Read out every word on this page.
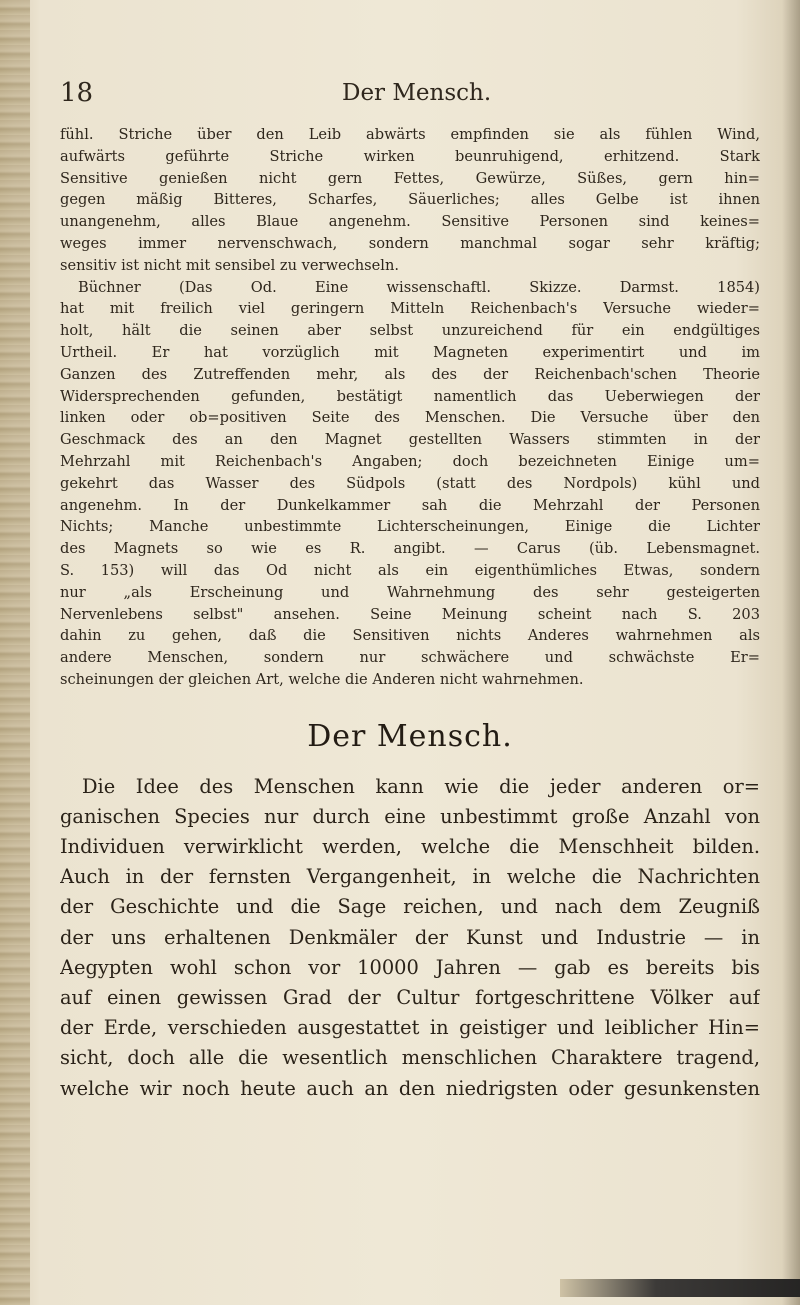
18	Der Mensch.
fühl. Striche über den Leib abwärts empfinden sie als fühlen Wind,
aufwärts geführte Striche wirken beunruhigend, erhitzend. Stark
Sensitive genießen nicht gern Fettes, Gewürze, Süßes, gern hin=
gegen mäßig Bitteres, Scharfes, Säuerliches; alles Gelbe ist ihnen
unangenehm, alles Blaue angenehm. Sensitive Personen sind keines=
weges immer nervenschwach, sondern manchmal sogar sehr kräftig;
sensitiv ist nicht mit sensibel zu verwechseln.
Büchner (Das Od. Eine wissenschaftl. Skizze. Darmst. 1854)
hat mit freilich viel geringern Mitteln Reichenbach's Versuche wieder=
holt, hält die seinen aber selbst unzureichend für ein endgültiges
Urtheil. Er hat vorzüglich mit Magneten experimentirt und im
Ganzen des Zutreffenden mehr, als des der Reichenbach'schen Theorie
Widersprechenden gefunden, bestätigt namentlich das Ueberwiegen der
linken oder ob=positiven Seite des Menschen. Die Versuche über den
Geschmack des an den Magnet gestellten Wassers stimmten in der
Mehrzahl mit Reichenbach's Angaben; doch bezeichneten Einige um=
gekehrt das Wasser des Südpols (statt des Nordpols) kühl und
angenehm. In der Dunkelkammer sah die Mehrzahl der Personen
Nichts; Manche unbestimmte Lichterscheinungen, Einige die Lichter
des Magnets so wie es R. angibt. — Carus (üb. Lebensmagnet.
S. 153) will das Od nicht als ein eigenthümliches Etwas, sondern
nur „als Erscheinung und Wahrnehmung des sehr gesteigerten
Nervenlebens selbst" ansehen. Seine Meinung scheint nach S. 203
dahin zu gehen, daß die Sensitiven nichts Anderes wahrnehmen als
andere Menschen, sondern nur schwächere und schwächste Er=
scheinungen der gleichen Art, welche die Anderen nicht wahrnehmen.
Der Mensch.
Die Idee des Menschen kann wie die jeder anderen or=
ganischen Species nur durch eine unbestimmt große Anzahl von
Individuen verwirklicht werden, welche die Menschheit bilden.
Auch in der fernsten Vergangenheit, in welche die Nachrichten
der Geschichte und die Sage reichen, und nach dem Zeugniß
der uns erhaltenen Denkmäler der Kunst und Industrie — in
Aegypten wohl schon vor 10000 Jahren — gab es bereits bis
auf einen gewissen Grad der Cultur fortgeschrittene Völker auf
der Erde, verschieden ausgestattet in geistiger und leiblicher Hin=
sicht, doch alle die wesentlich menschlichen Charaktere tragend,
welche wir noch heute auch an den niedrigsten oder gesunkensten
